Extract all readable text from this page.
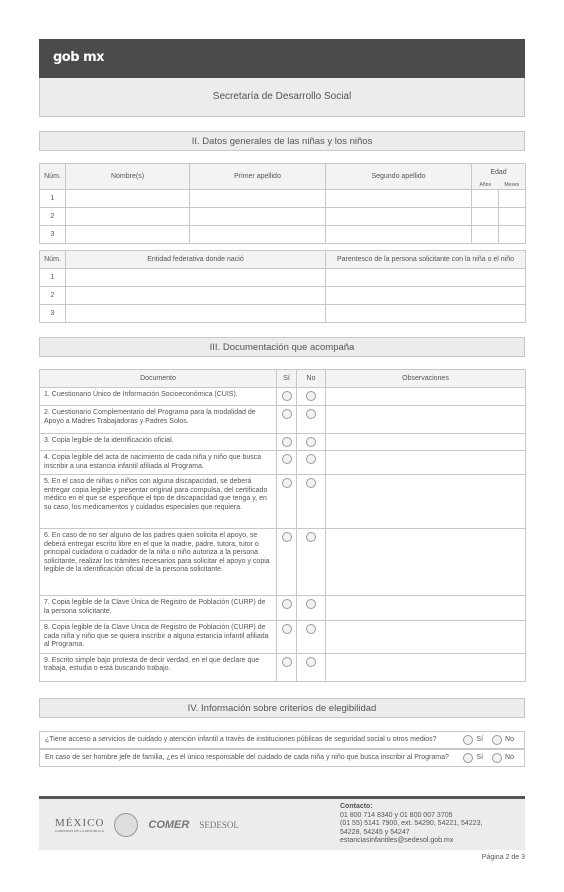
gob mx
Secretaría de Desarrollo Social
II. Datos generales de las niñas y los niños
Núm.	Nombre(s)	Primer apellido	Segundo apellido	Edad	
				Años	Meses
1					
2					
3					
Núm.	Entidad federativa donde nació	Parentesco de la persona solicitante con la niña o el niño
1		
2		
3		
III. Documentación que acompaña
Documento	Sí	No	Observaciones
1. Cuestionario Único de Información Socioeconómica (CUIS).			
2. Cuestionario Complementario del Programa para la modalidad de Apoyo a Madres Trabajadoras y Padres Solos.			
3. Copia legible de la identificación oficial.			
4. Copia legible del acta de nacimiento de cada niña y niño que busca inscribir a una estancia infantil afiliada al Programa.			
5. En el caso de niñas o niños con alguna discapacidad, se deberá entregar copia legible y presentar original para compulsa, del certificado médico en el que se especifique el tipo de discapacidad que tenga y, en su caso, los medicamentos y cuidados especiales que requiera.			
6. En caso de no ser alguno de los padres quien solicita el apoyo, se deberá entregar escrito libre en el que la madre, padre, tutora, tutor o principal cuidadora o cuidador de la niña o niño autoriza a la persona solicitante, realizar los trámites necesarios para solicitar el apoyo y copia legible de la identificación oficial de la persona solicitante.			
7. Copia legible de la Clave Única de Registro de Población (CURP) de la persona solicitante.			
8. Copia legible de la Clave Única de Registro de Población (CURP) de cada niña y niño que se quiera inscribir a alguna estancia infantil afiliada al Programa.			
9. Escrito simple bajo protesta de decir verdad, en el que declare que trabaja, estudia o está buscando trabajo.			
IV. Información sobre criterios de elegibilidad
¿Tiene acceso a servicios de cuidado y atención infantil a través de instituciones públicas de seguridad social u otros medios?	Sí	No
En caso de ser hombre jefe de familia, ¿es el único responsable del cuidado de cada niña y niño que busca inscribir al Programa?	Sí	No
MÉXICO
GOBIERNO DE LA REPÚBLICA	COMER SEDESOL
Contacto:
01 800 714 8340 y 01 800 007 3705
(01 55) 5141 7900, ext. 54290, 54221, 54223,
54228, 54245 y 54247
estanciasinfantiles@sedesol.gob.mx
Página 2 de 3
